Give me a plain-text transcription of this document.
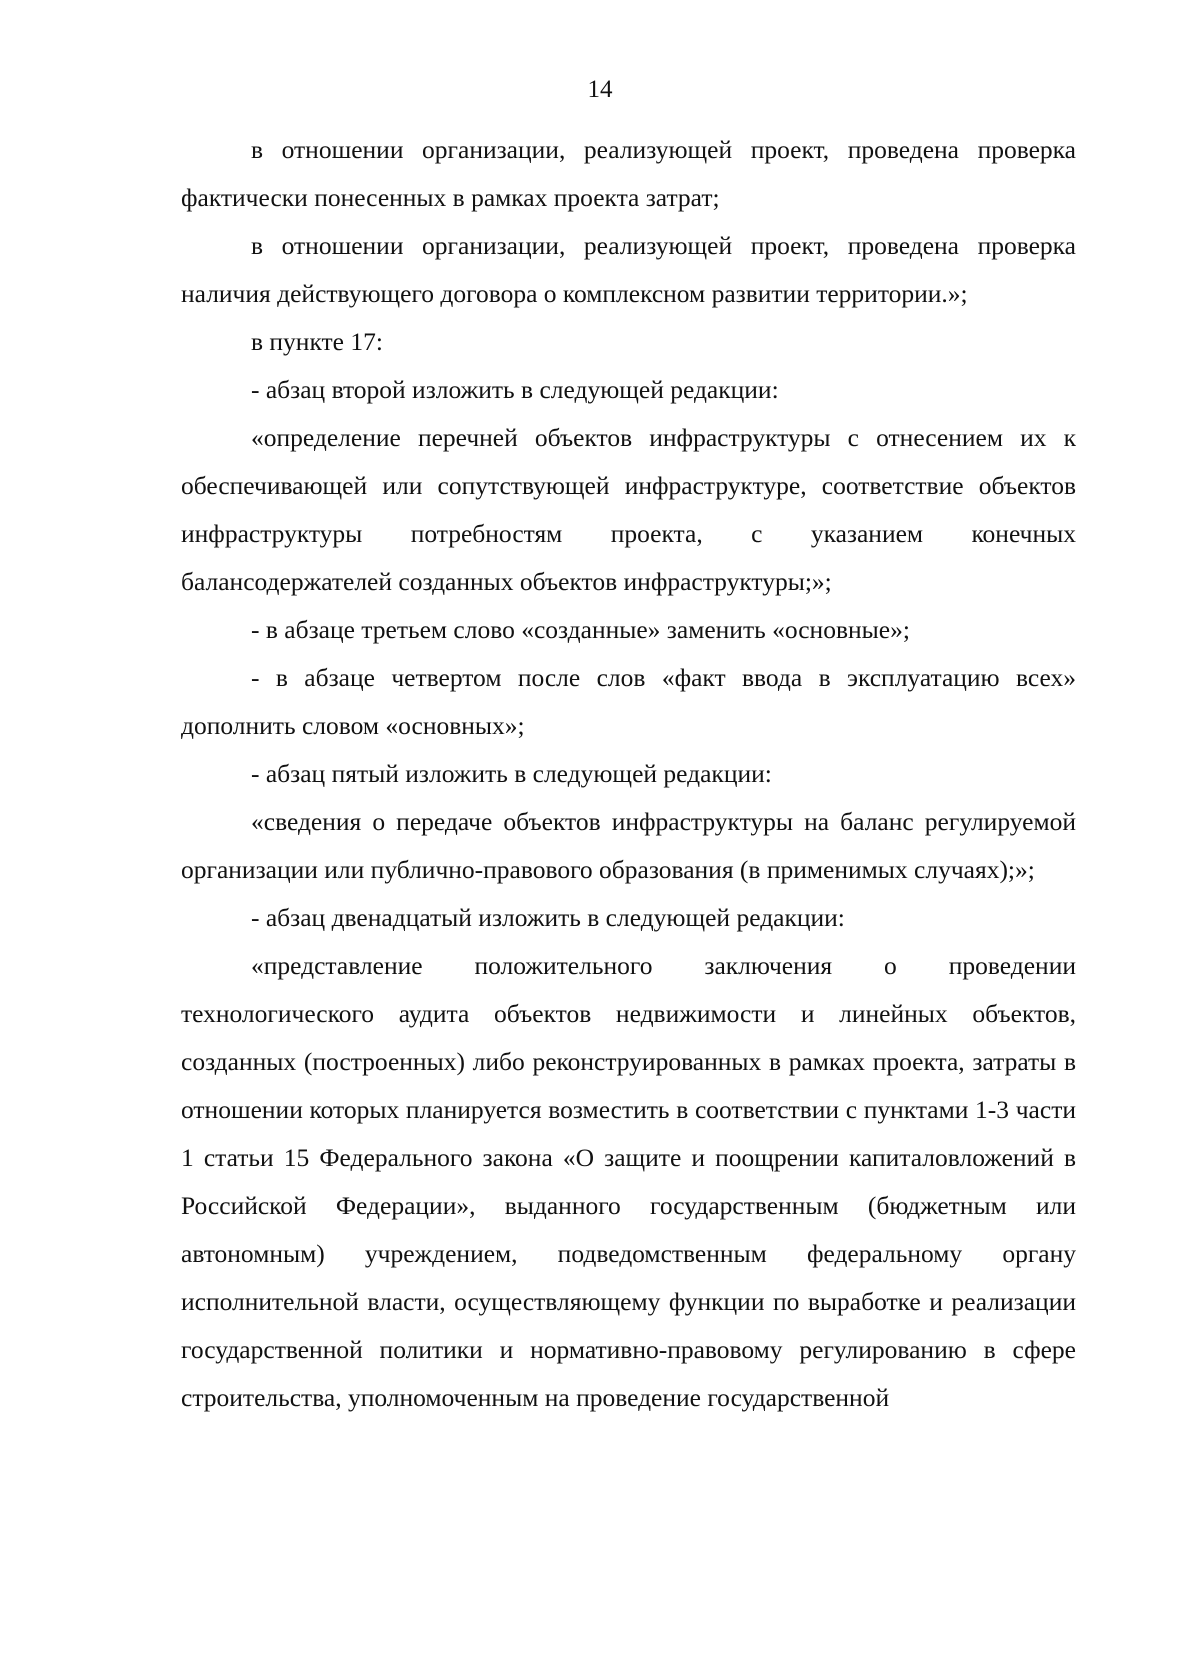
14

в отношении организации, реализующей проект, проведена проверка фактически понесенных в рамках проекта затрат;

в отношении организации, реализующей проект, проведена проверка наличия действующего договора о комплексном развитии территории.»;

в пункте 17:

- абзац второй изложить в следующей редакции:

«определение перечней объектов инфраструктуры с отнесением их к обеспечивающей или сопутствующей инфраструктуре, соответствие объектов инфраструктуры потребностям проекта, с указанием конечных балансодержателей созданных объектов инфраструктуры;»;

- в абзаце третьем слово «созданные» заменить «основные»;

- в абзаце четвертом после слов «факт ввода в эксплуатацию всех» дополнить словом «основных»;

- абзац пятый изложить в следующей редакции:

«сведения о передаче объектов инфраструктуры на баланс регулируемой организации или публично-правового образования (в применимых случаях);»;

- абзац двенадцатый изложить в следующей редакции:

«представление положительного заключения о проведении технологического аудита объектов недвижимости и линейных объектов, созданных (построенных) либо реконструированных в рамках проекта, затраты в отношении которых планируется возместить в соответствии с пунктами 1-3 части 1 статьи 15 Федерального закона «О защите и поощрении капиталовложений в Российской Федерации», выданного государственным (бюджетным или автономным) учреждением, подведомственным федеральному органу исполнительной власти, осуществляющему функции по выработке и реализации государственной политики и нормативно-правовому регулированию в сфере строительства, уполномоченным на проведение государственной
